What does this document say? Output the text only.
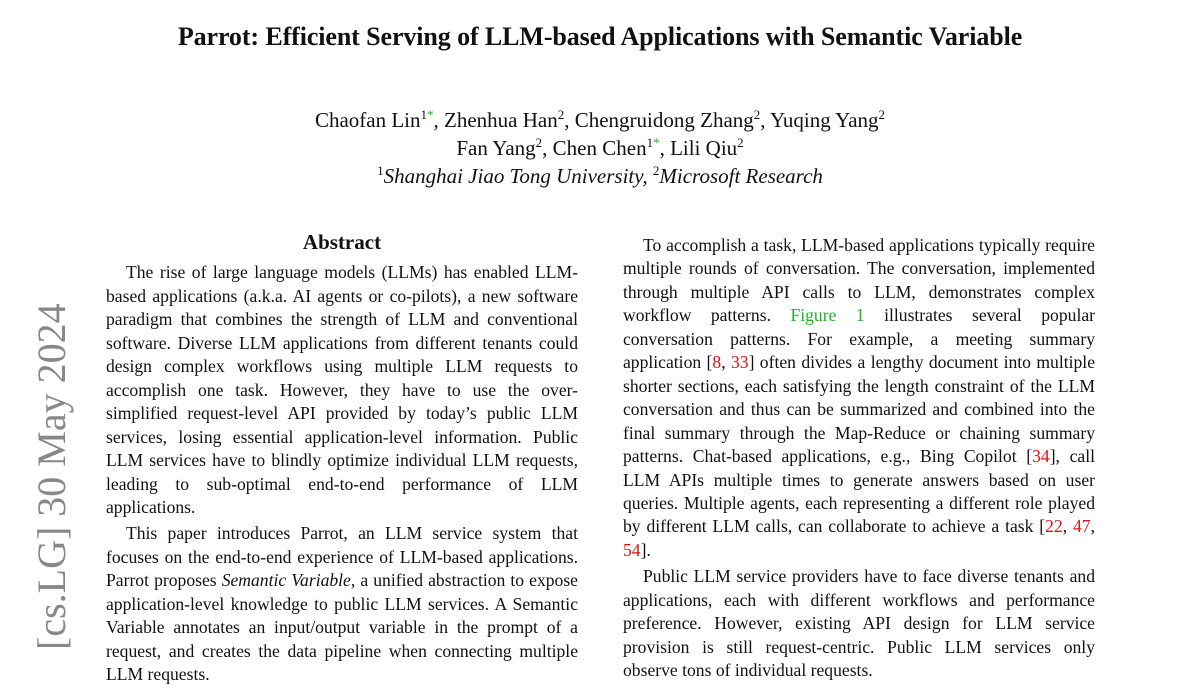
Parrot: Efficient Serving of LLM-based Applications with Semantic Variable
Chaofan Lin$^{1*}$, Zhenhua Han$^2$, Chengruidong Zhang$^2$, Yuqing Yang$^2$
Fan Yang$^2$, Chen Chen$^{1*}$, Lili Qiu$^2$
$^1$Shanghai Jiao Tong University, $^2$Microsoft Research
[cs.LG] 30 May 2024
Abstract

The rise of large language models (LLMs) has enabled LLM-based applications (a.k.a. AI agents or co-pilots), a new software paradigm that combines the strength of LLM and conventional software. Diverse LLM applications from different tenants could design complex workflows using multiple LLM requests to accomplish one task. However, they have to use the over-simplified request-level API provided by today’s public LLM services, losing essential application-level information. Public LLM services have to blindly optimize individual LLM requests, leading to sub-optimal end-to-end performance of LLM applications.

This paper introduces Parrot, an LLM service system that focuses on the end-to-end experience of LLM-based applications. Parrot proposes Semantic Variable, a unified abstraction to expose application-level knowledge to public LLM services. A Semantic Variable annotates an input/output variable in the prompt of a request, and creates the data pipeline when connecting multiple LLM requests.

To accomplish a task, LLM-based applications typically require multiple rounds of conversation. The conversation, implemented through multiple API calls to LLM, demonstrates complex workflow patterns. Figure 1 illustrates several popular conversation patterns. For example, a meeting summary application [8, 33] often divides a lengthy document into multiple shorter sections, each satisfying the length constraint of the LLM conversation and thus can be summarized and combined into the final summary through the Map-Reduce or chaining summary patterns. Chat-based applications, e.g., Bing Copilot [34], call LLM APIs multiple times to generate answers based on user queries. Multiple agents, each representing a different role played by different LLM calls, can collaborate to achieve a task [22, 47, 54].

Public LLM service providers have to face diverse tenants and applications, each with different workflows and performance preference. However, existing API design for LLM service provision is still request-centric. Public LLM services only observe tons of individual requests.
